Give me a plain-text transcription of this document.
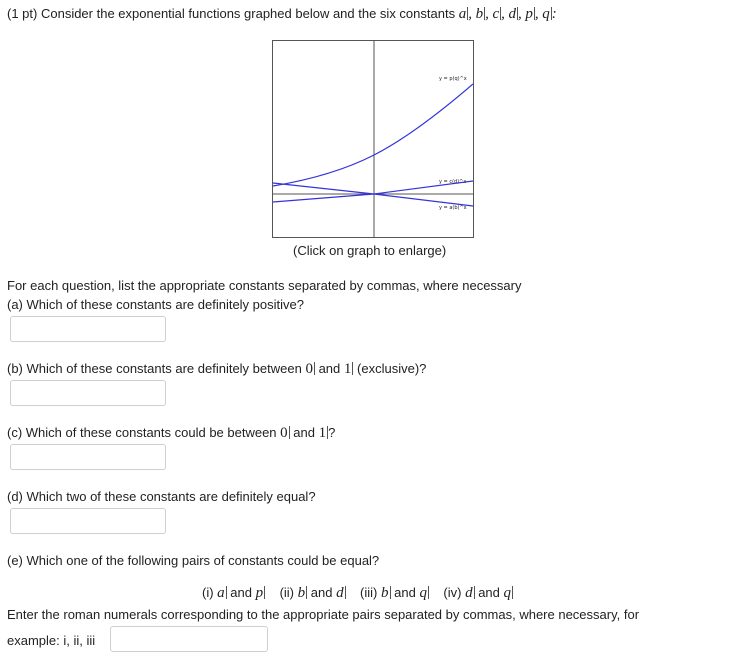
(1 pt) Consider the exponential functions graphed below and the six constants a , b , c , d , p , q :
y = p(q)^x
y = c(d)^x
y = a(b)^x
(Click on graph to enlarge)
For each question, list the appropriate constants separated by commas, where necessary
(a) Which of these constants are definitely positive?
(b) Which of these constants are definitely between 0 and 1 (exclusive)?
(c) Which of these constants could be between 0 and 1 ?
(d) Which two of these constants are definitely equal?
(e) Which one of the following pairs of constants could be equal?
(i) a and p (ii) b and d (iii) b and q (iv) d and q
Enter the roman numerals corresponding to the appropriate pairs separated by commas, where necessary, for
example: i, ii, iii
